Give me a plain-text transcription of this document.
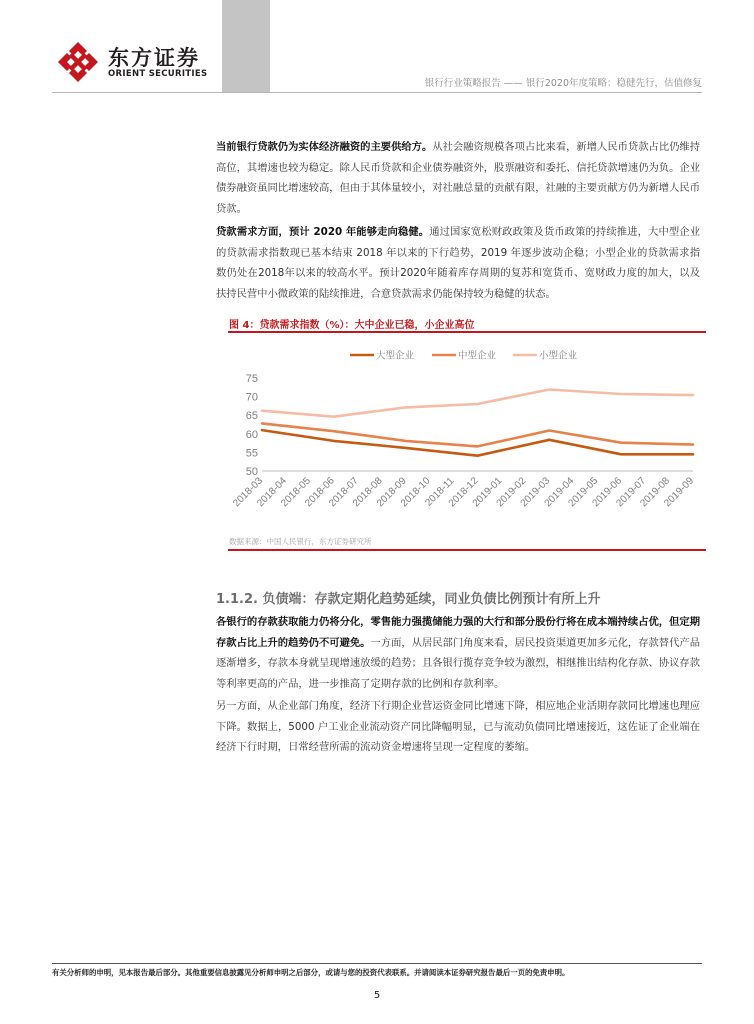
东方证券
ORIENT SECURITIES
银行行业策略报告 —— 银行2020年度策略：稳健先行，估值修复
当前银行贷款仍为实体经济融资的主要供给方。从社会融资规模各项占比来看，新增人民币贷款占比仍维持高位，其增速也较为稳定。除人民币贷款和企业债券融资外，股票融资和委托、信托贷款增速仍为负。企业债券融资虽同比增速较高，但由于其体量较小，对社融总量的贡献有限，社融的主要贡献方仍为新增人民币贷款。
贷款需求方面，预计 2020 年能够走向稳健。通过国家宽松财政政策及货币政策的持续推进，大中型企业的贷款需求指数现已基本结束 2018 年以来的下行趋势，2019 年逐步波动企稳；小型企业的贷款需求指数仍处在2018年以来的较高水平。预计2020年随着库存周期的复苏和宽货币、宽财政力度的加大，以及扶持民营中小微政策的陆续推进，合意贷款需求仍能保持较为稳健的状态。
图 4：贷款需求指数（%）：大中企业已稳，小企业高位
50
55
60
65
70
75
2018-03
2018-04
2018-05
2018-06
2018-07
2018-08
2018-09
2018-10
2018-11
2018-12
2019-01
2019-02
2019-03
2019-04
2019-05
2019-06
2019-07
2019-08
2019-09
大型企业	中型企业	小型企业
数据来源：中国人民银行，东方证券研究所
1.1.2. 负债端：存款定期化趋势延续，同业负债比例预计有所上升
各银行的存款获取能力仍将分化，零售能力强揽储能力强的大行和部分股份行将在成本端持续占优，但定期存款占比上升的趋势仍不可避免。一方面，从居民部门角度来看，居民投资渠道更加多元化，存款替代产品逐渐增多，存款本身就呈现增速放缓的趋势；且各银行揽存竞争较为激烈，相继推出结构化存款、协议存款等利率更高的产品，进一步推高了定期存款的比例和存款利率。
另一方面，从企业部门角度，经济下行期企业营运资金同比增速下降，相应地企业活期存款同比增速也理应下降。数据上，5000 户工业企业流动资产同比降幅明显，已与流动负债同比增速接近，这佐证了企业端在经济下行时期，日常经营所需的流动资金增速将呈现一定程度的萎缩。
有关分析师的申明，见本报告最后部分。其他重要信息披露见分析师申明之后部分，或请与您的投资代表联系。并请阅读本证券研究报告最后一页的免责申明。
5
